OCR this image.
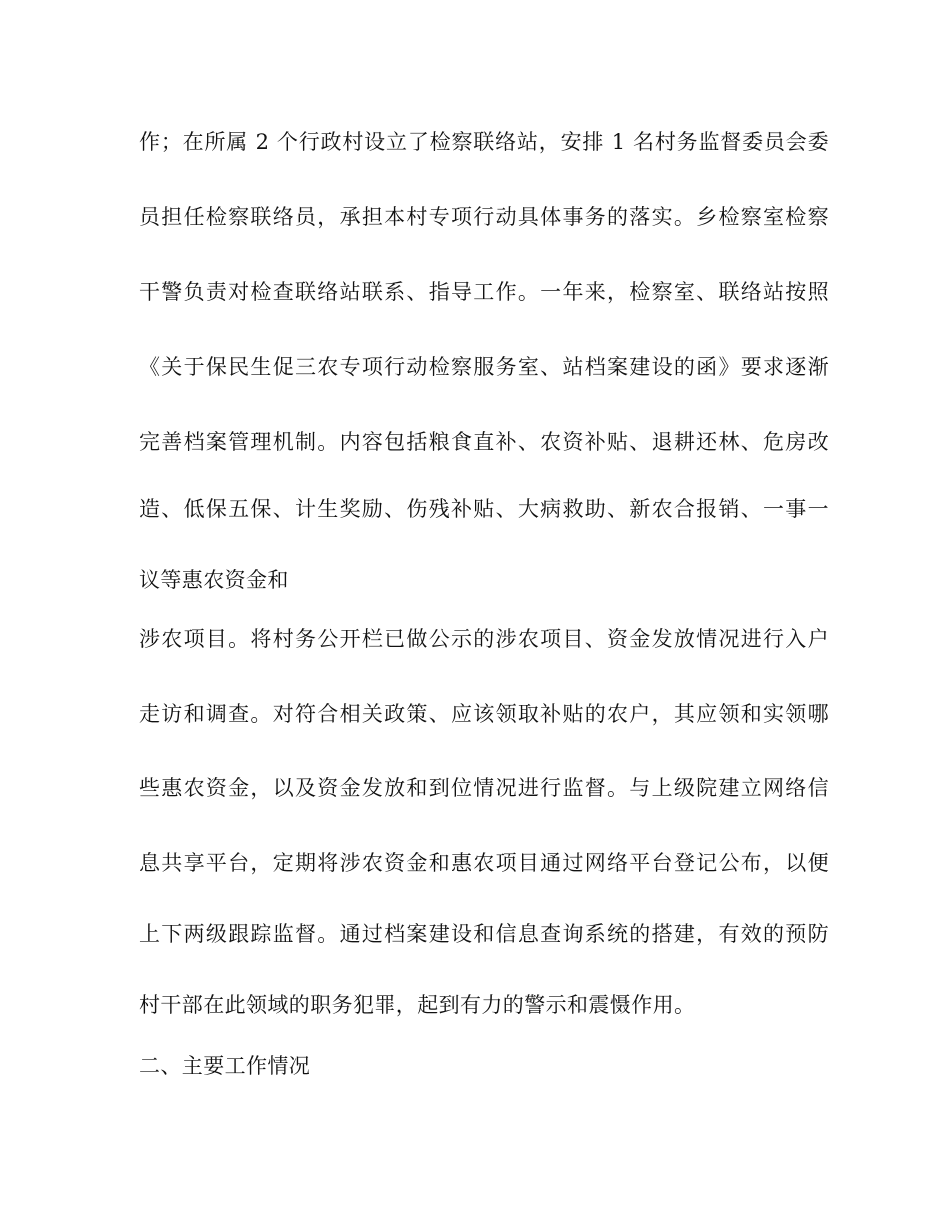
作；在所属 2 个行政村设立了检察联络站，安排 1 名村务监督委员会委
员担任检察联络员，承担本村专项行动具体事务的落实。乡检察室检察
干警负责对检查联络站联系、指导工作。一年来，检察室、联络站按照
《关于保民生促三农专项行动检察服务室、站档案建设的函》要求逐渐
完善档案管理机制。内容包括粮食直补、农资补贴、退耕还林、危房改
造、低保五保、计生奖励、伤残补贴、大病救助、新农合报销、一事一
议等惠农资金和
涉农项目。将村务公开栏已做公示的涉农项目、资金发放情况进行入户
走访和调查。对符合相关政策、应该领取补贴的农户，其应领和实领哪
些惠农资金，以及资金发放和到位情况进行监督。与上级院建立网络信
息共享平台，定期将涉农资金和惠农项目通过网络平台登记公布，以便
上下两级跟踪监督。通过档案建设和信息查询系统的搭建，有效的预防
村干部在此领域的职务犯罪，起到有力的警示和震慑作用。
二、主要工作情况
